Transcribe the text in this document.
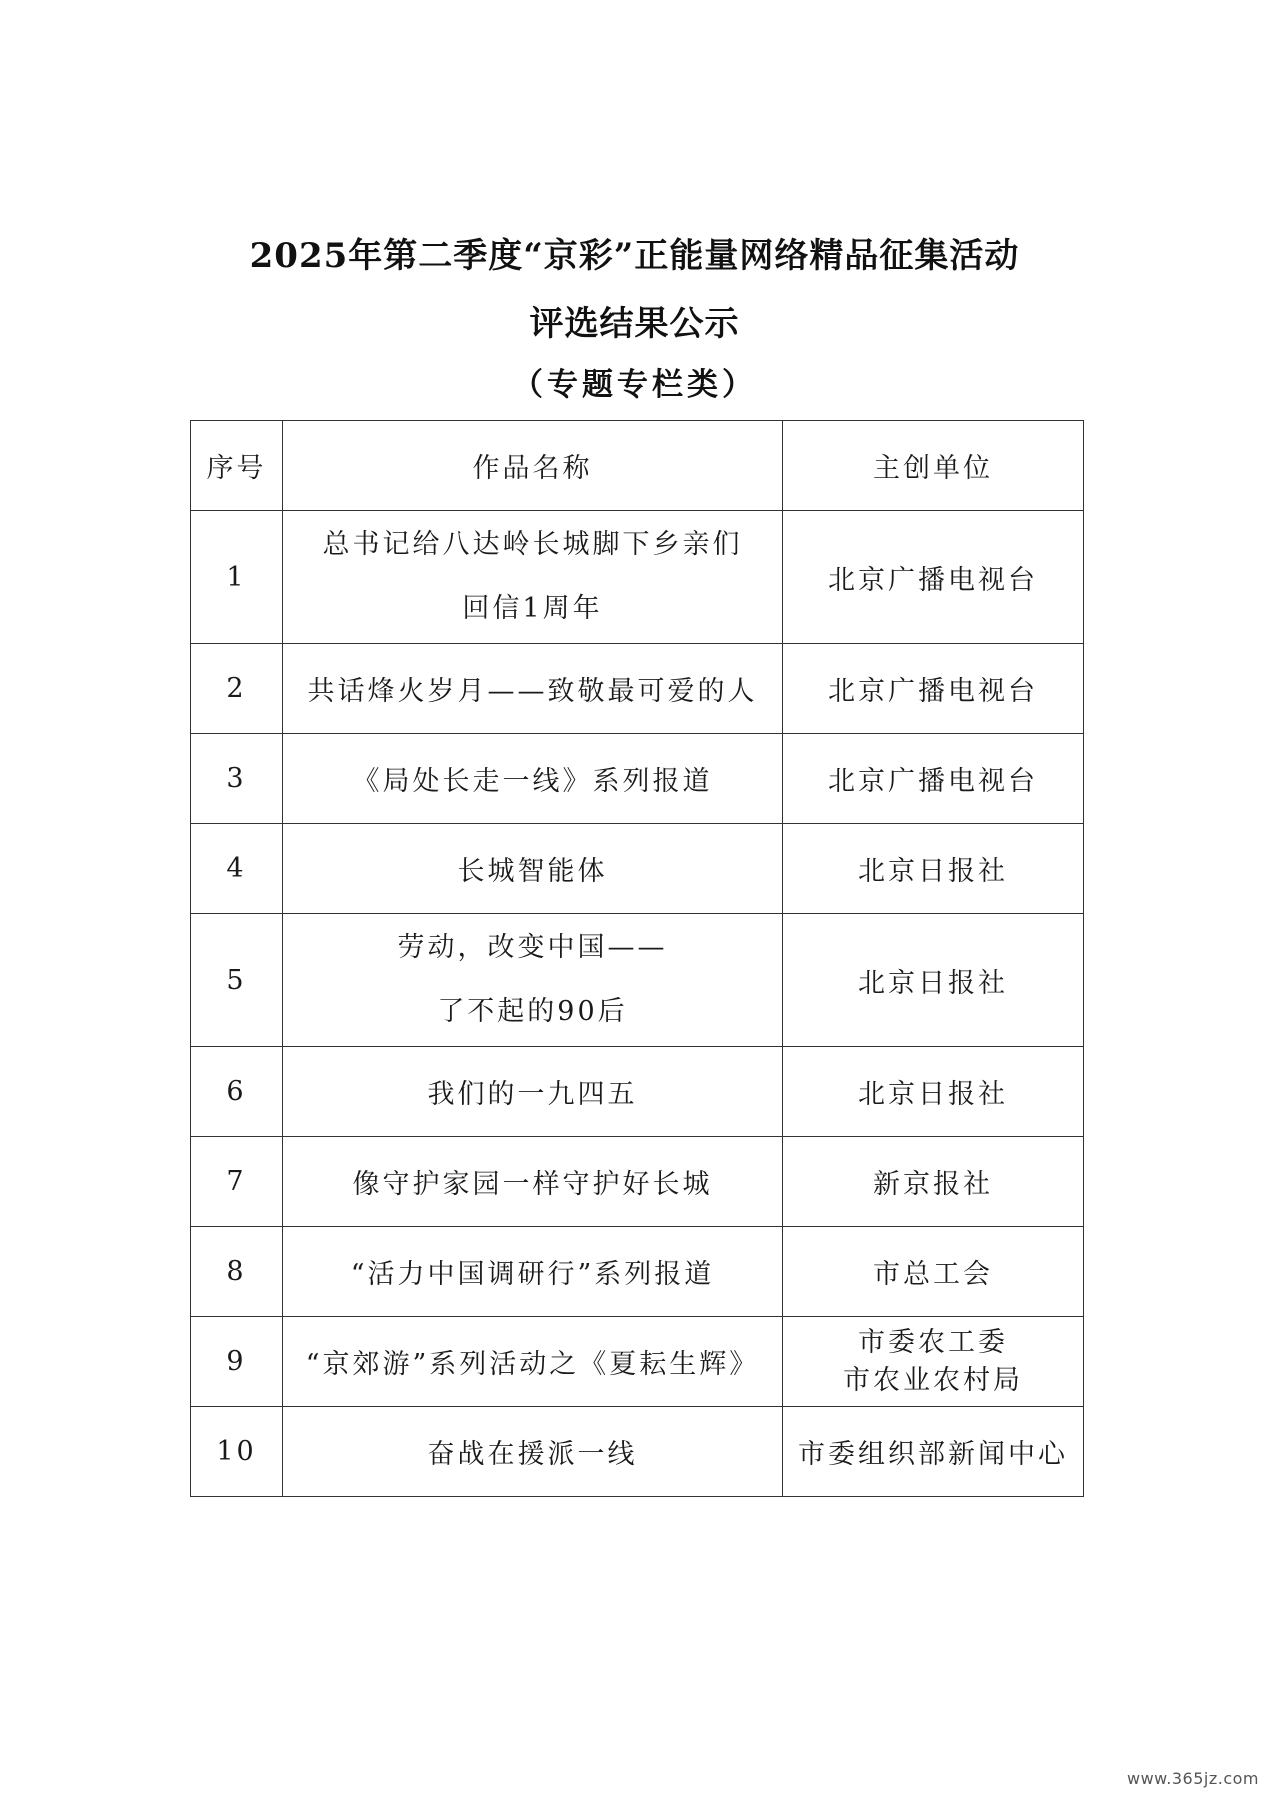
2025年第二季度“京彩”正能量网络精品征集活动
评选结果公示
（专题专栏类）
序号	作品名称	主创单位
1	总书记给八达岭长城脚下乡亲们
回信1周年	北京广播电视台

2	共话烽火岁月——致敬最可爱的人	北京广播电视台

3	《局处长走一线》系列报道	北京广播电视台

4	长城智能体	北京日报社

5	劳动，改变中国——
了不起的90后	北京日报社

6	我们的一九四五	北京日报社

7	像守护家园一样守护好长城	新京报社

8	“活力中国调研行”系列报道	市总工会

9	“京郊游”系列活动之《夏耘生辉》	市委农工委
市农业农村局

10	奋战在援派一线	市委组织部新闻中心
www.365jz.com
